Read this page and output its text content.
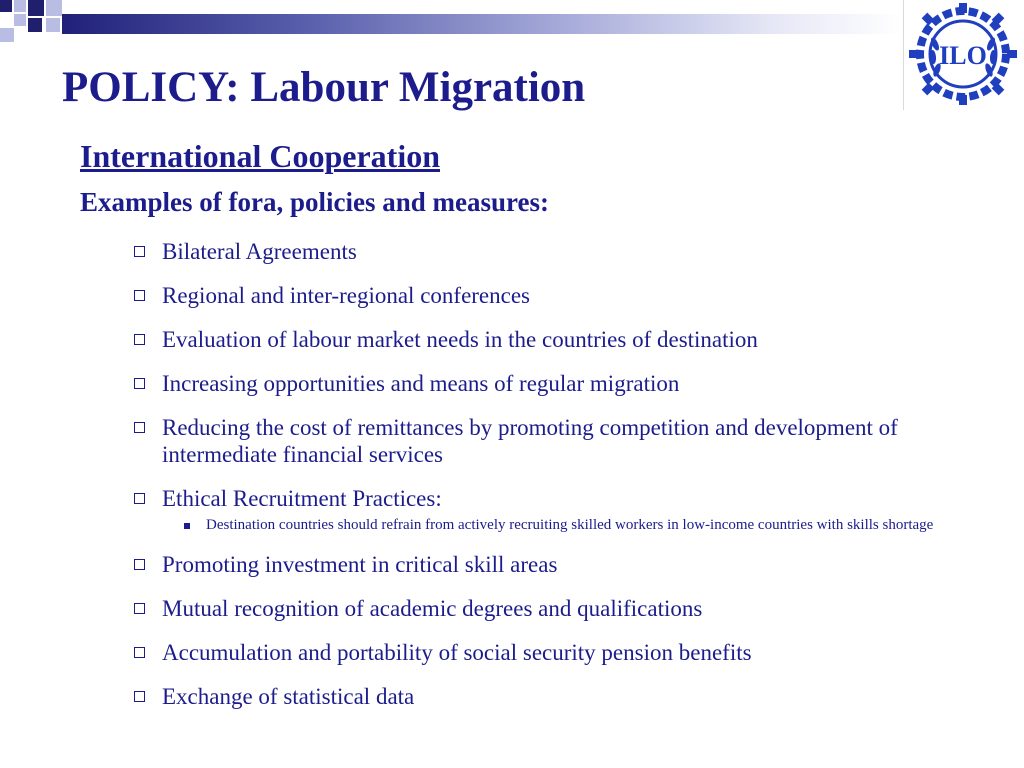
ILO
POLICY: Labour Migration
International Cooperation

Examples of fora, policies and measures:

Bilateral Agreements
Regional and inter-regional conferences
Evaluation of labour market needs in the countries of destination
Increasing opportunities and means of regular migration
Reducing the cost of remittances by promoting competition and development of intermediate financial services
Ethical Recruitment Practices:
Destination countries should refrain from actively recruiting skilled workers in low-income countries with skills shortage
Promoting investment in critical skill areas
Mutual recognition of academic degrees and qualifications
Accumulation and portability of social security pension benefits
Exchange of statistical data
